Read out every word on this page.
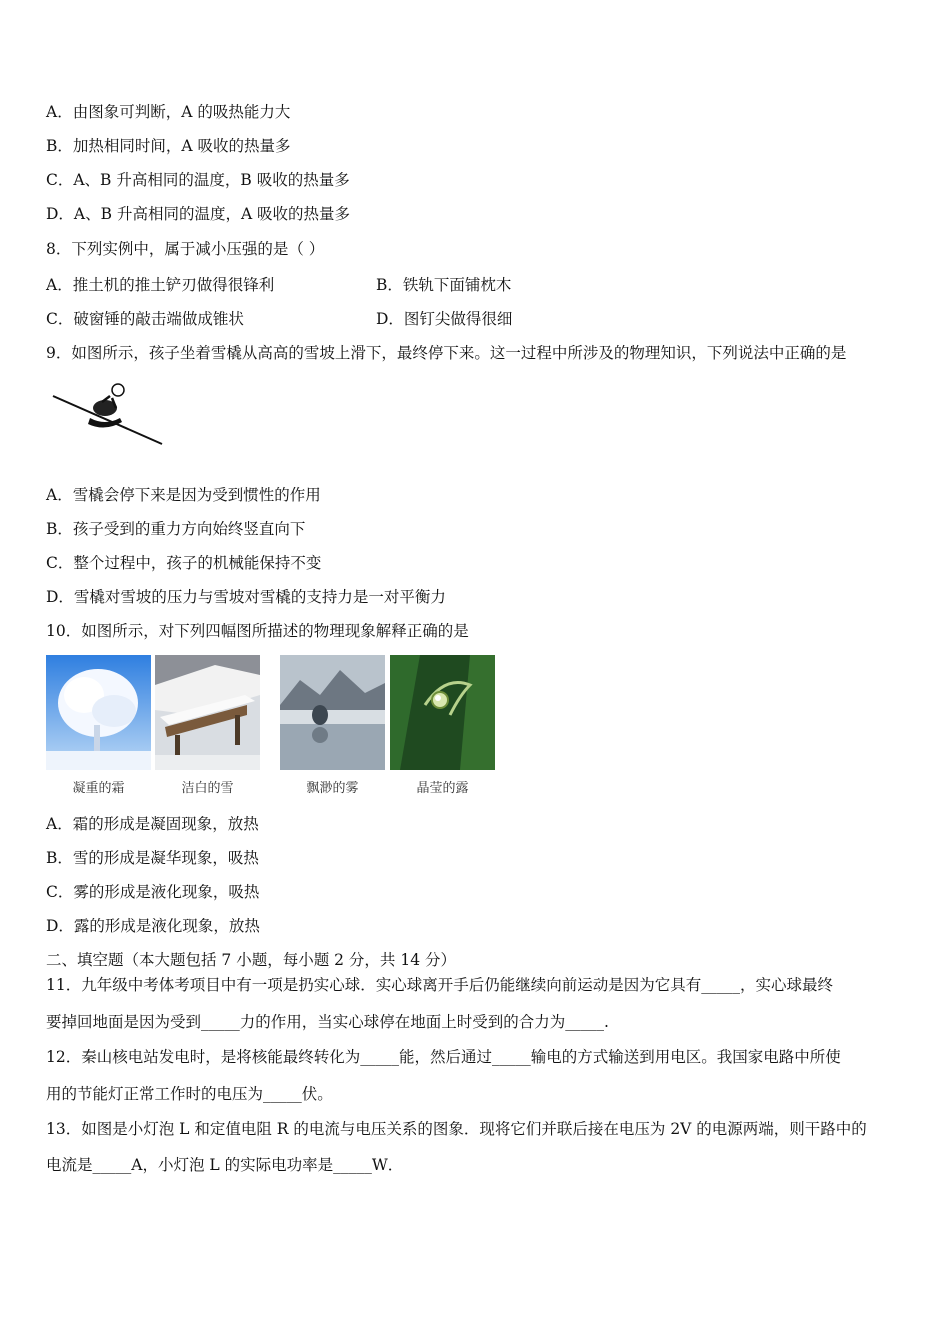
A．由图象可判断，A 的吸热能力大
B．加热相同时间，A 吸收的热量多
C．A、B 升高相同的温度，B 吸收的热量多
D．A、B 升高相同的温度，A 吸收的热量多
8．下列实例中，属于减小压强的是（ ）
A．推土机的推土铲刃做得很锋利	B．铁轨下面铺枕木
C．破窗锤的敲击端做成锥状	D．图钉尖做得很细
9．如图所示，孩子坐着雪橇从高高的雪坡上滑下，最终停下来。这一过程中所涉及的物理知识，下列说法中正确的是
A．雪橇会停下来是因为受到惯性的作用
B．孩子受到的重力方向始终竖直向下
C．整个过程中，孩子的机械能保持不变
D．雪橇对雪坡的压力与雪坡对雪橇的支持力是一对平衡力
10．如图所示，对下列四幅图所描述的物理现象解释正确的是
凝重的霜	洁白的雪	飘渺的雾	晶莹的露
A．霜的形成是凝固现象，放热
B．雪的形成是凝华现象，吸热
C．雾的形成是液化现象，吸热
D．露的形成是液化现象，放热
二、填空题（本大题包括 7 小题，每小题 2 分，共 14 分）
11．九年级中考体考项目中有一项是扔实心球．实心球离开手后仍能继续向前运动是因为它具有_____，实心球最终
要掉回地面是因为受到_____力的作用，当实心球停在地面上时受到的合力为_____.
12．秦山核电站发电时，是将核能最终转化为_____能，然后通过_____输电的方式输送到用电区。我国家电路中所使
用的节能灯正常工作时的电压为_____伏。
13．如图是小灯泡 L 和定值电阻 R 的电流与电压关系的图象．现将它们并联后接在电压为 2V 的电源两端，则干路中的
电流是_____A，小灯泡 L 的实际电功率是_____W．
